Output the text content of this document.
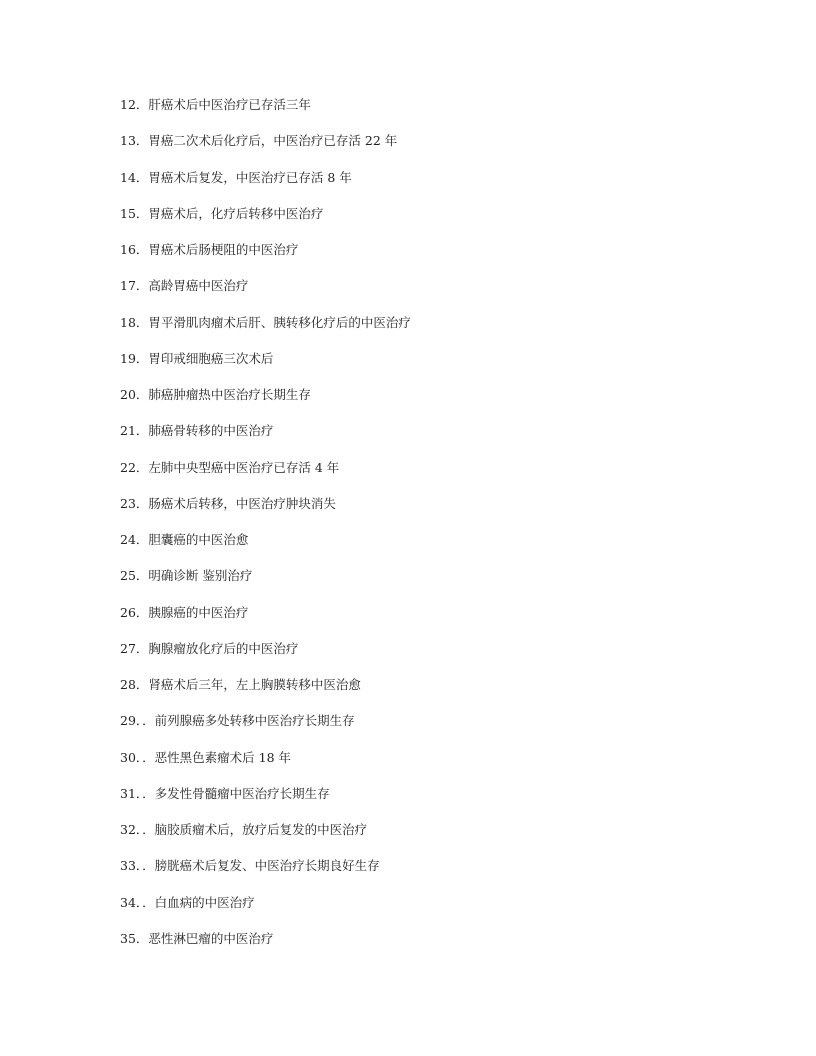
12．肝癌术后中医治疗已存活三年
13．胃癌二次术后化疗后，中医治疗已存活 22 年
14．胃癌术后复发，中医治疗已存活 8 年
15．胃癌术后，化疗后转移中医治疗
16．胃癌术后肠梗阻的中医治疗
17．高龄胃癌中医治疗
18．胃平滑肌肉瘤术后肝、胰转移化疗后的中医治疗
19．胃印戒细胞癌三次术后
20．肺癌肿瘤热中医治疗长期生存
21．肺癌骨转移的中医治疗
22．左肺中央型癌中医治疗已存活 4 年
23．肠癌术后转移，中医治疗肿块消失
24．胆囊癌的中医治愈
25．明确诊断 鉴别治疗
26．胰腺癌的中医治疗
27．胸腺瘤放化疗后的中医治疗
28．肾癌术后三年，左上胸膜转移中医治愈
29．．前列腺癌多处转移中医治疗长期生存
30．．恶性黑色素瘤术后 18 年
31．．多发性骨髓瘤中医治疗长期生存
32．．脑胶质瘤术后，放疗后复发的中医治疗
33．．膀胱癌术后复发、中医治疗长期良好生存
34．．白血病的中医治疗
35．恶性淋巴瘤的中医治疗
